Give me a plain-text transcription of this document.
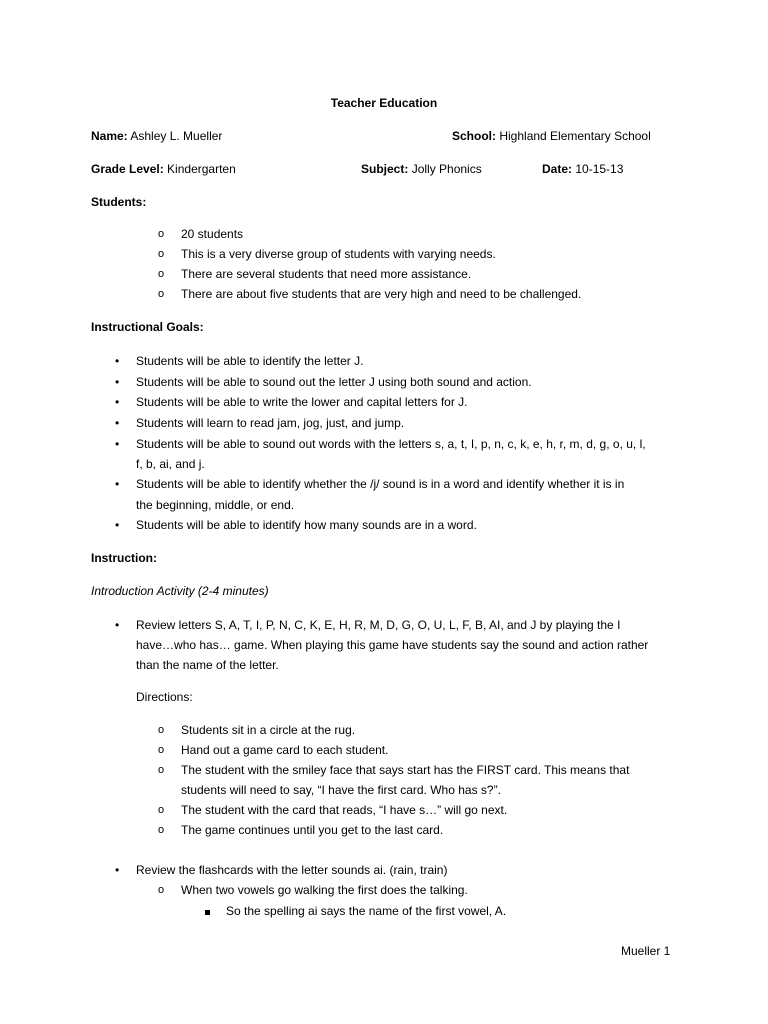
Teacher Education
Name: Ashley L. Mueller	School: Highland Elementary School
Grade Level: Kindergarten	Subject: Jolly Phonics	Date: 10-15-13
Students:
o 20 students
o This is a very diverse group of students with varying needs.
o There are several students that need more assistance.
o There are about five students that are very high and need to be challenged.
Instructional Goals:
• Students will be able to identify the letter J.
• Students will be able to sound out the letter J using both sound and action.
• Students will be able to write the lower and capital letters for J.
• Students will learn to read jam, jog, just, and jump.
• Students will be able to sound out words with the letters s, a, t, I, p, n, c, k, e, h, r, m, d, g, o, u, l,
f, b, ai, and j.
• Students will be able to identify whether the /j/ sound is in a word and identify whether it is in
the beginning, middle, or end.
• Students will be able to identify how many sounds are in a word.
Instruction:
Introduction Activity (2-4 minutes)
• Review letters S, A, T, I, P, N, C, K, E, H, R, M, D, G, O, U, L, F, B, AI, and J by playing the I
have…who has… game. When playing this game have students say the sound and action rather
than the name of the letter.
Directions:
o Students sit in a circle at the rug.
o Hand out a game card to each student.
o The student with the smiley face that says start has the FIRST card. This means that
students will need to say, “I have the first card. Who has s?”.
o The student with the card that reads, “I have s…” will go next.
o The game continues until you get to the last card.
• Review the flashcards with the letter sounds ai. (rain, train)
o When two vowels go walking the first does the talking.
So the spelling ai says the name of the first vowel, A.
Mueller 1
